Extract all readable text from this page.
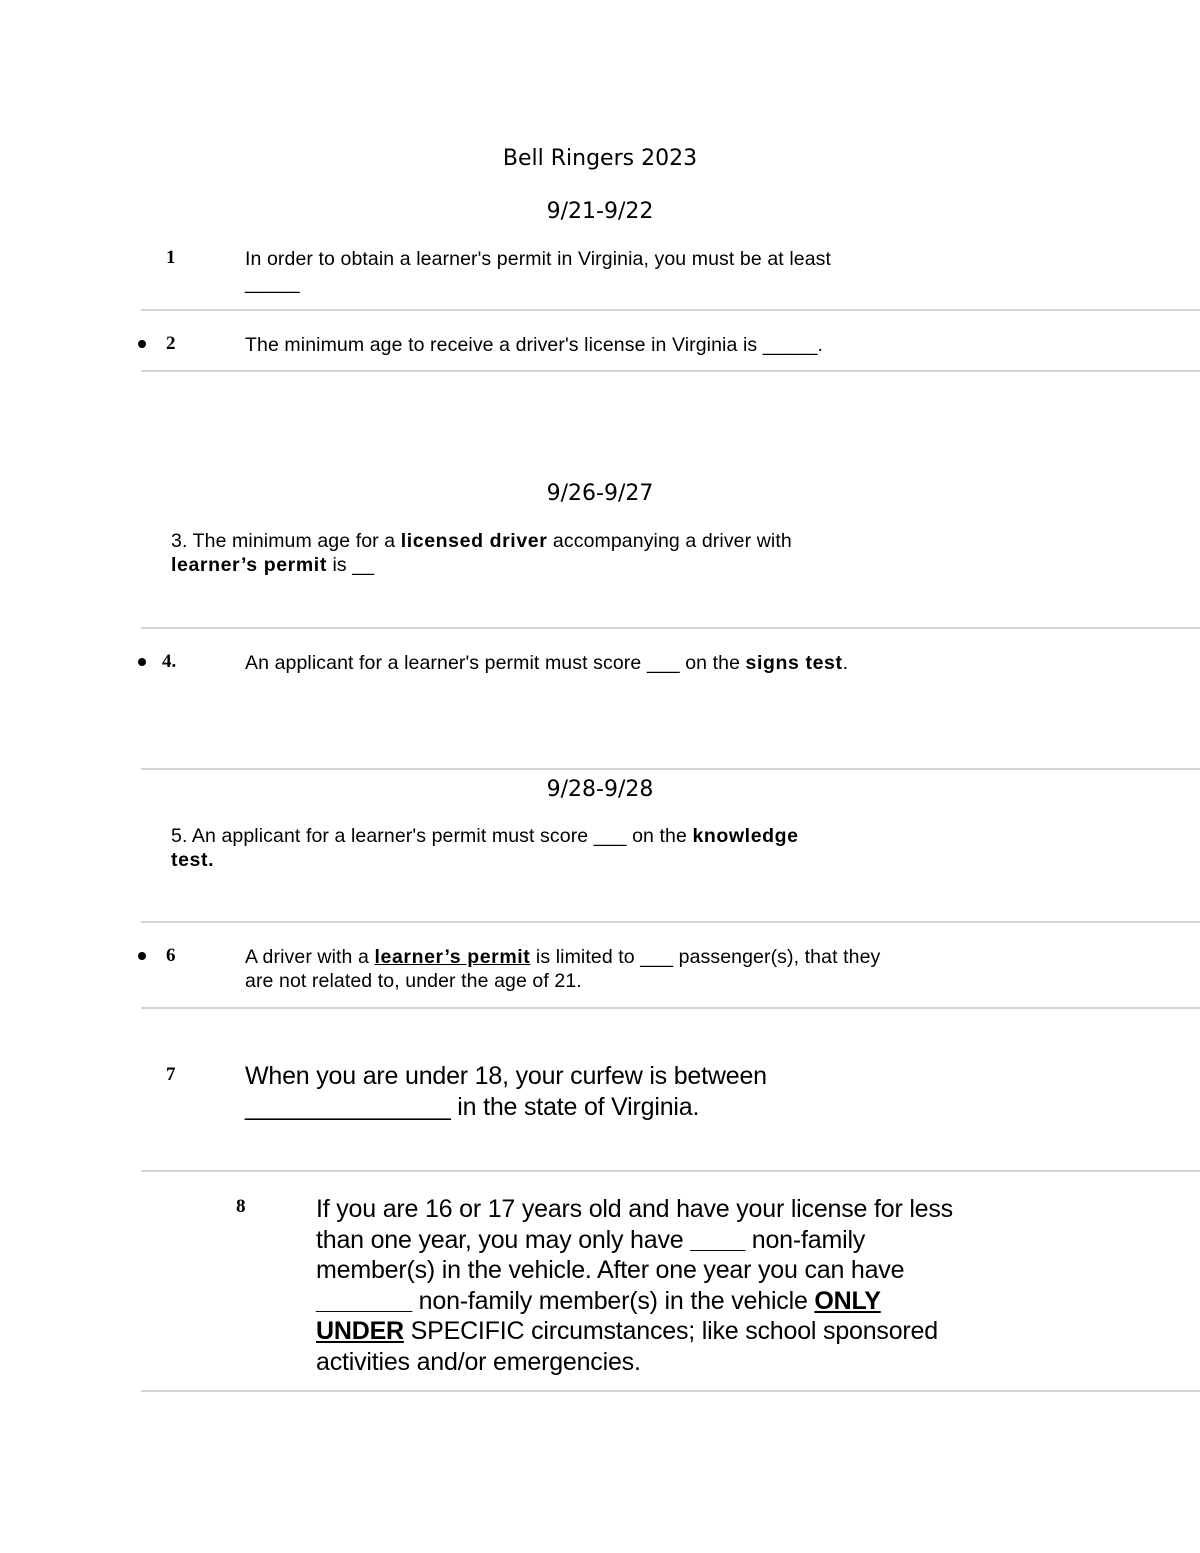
Bell Ringers 2023
9/21-9/22
1	In order to obtain a learner's permit in Virginia, you must be at least
_____
2	The minimum age to receive a driver's license in Virginia is _____.
9/26-9/27
3. The minimum age for a licensed driver accompanying a driver with
learner’s permit is __
4.	An applicant for a learner's permit must score ___ on the signs test.
9/28-9/28
5. An applicant for a learner's permit must score ___ on the knowledge
test.
6	A driver with a learner’s permit is limited to ___ passenger(s), that they
are not related to, under the age of 21.
7	When you are under 18, your curfew is between
_______________ in the state of Virginia.
8	If you are 16 or 17 years old and have your license for less
than one year, you may only have ____ non-family
member(s) in the vehicle. After one year you can have
_______ non-family member(s) in the vehicle ONLY
UNDER SPECIFIC circumstances; like school sponsored
activities and/or emergencies.
